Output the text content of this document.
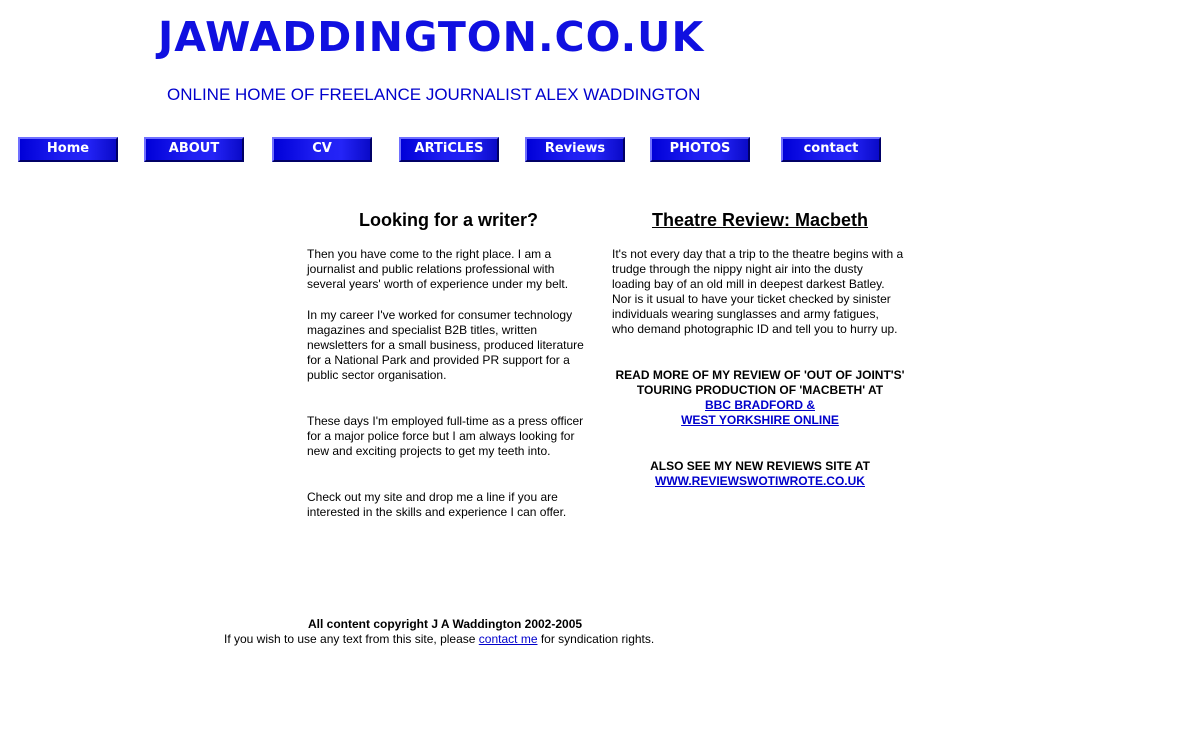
JAWADDINGTON.CO.UK
ONLINE HOME OF FREELANCE JOURNALIST ALEX WADDINGTON
Home	ABOUT	CV	ARTiCLES	Reviews	PHOTOS	contact
Looking for a writer?

Then you have come to the right place. I am a journalist and public relations professional with several years' worth of experience under my belt.

In my career I've worked for consumer technology magazines and specialist B2B titles, written newsletters for a small business, produced literature for a National Park and provided PR support for a public sector organisation.

These days I'm employed full-time as a press officer for a major police force but I am always looking for new and exciting projects to get my teeth into.

Check out my site and drop me a line if you are interested in the skills and experience I can offer.

Theatre Review: Macbeth

It's not every day that a trip to the theatre begins with a trudge through the nippy night air into the dusty loading bay of an old mill in deepest darkest Batley. Nor is it usual to have your ticket checked by sinister individuals wearing sunglasses and army fatigues, who demand photographic ID and tell you to hurry up.

READ MORE OF MY REVIEW OF 'OUT OF JOINT'S' TOURING PRODUCTION OF 'MACBETH' AT
BBC BRADFORD &
WEST YORKSHIRE ONLINE
ALSO SEE MY NEW REVIEWS SITE AT
WWW.REVIEWSWOTIWROTE.CO.UK
All content copyright J A Waddington 2002-2005
If you wish to use any text from this site, please contact me for syndication rights.
